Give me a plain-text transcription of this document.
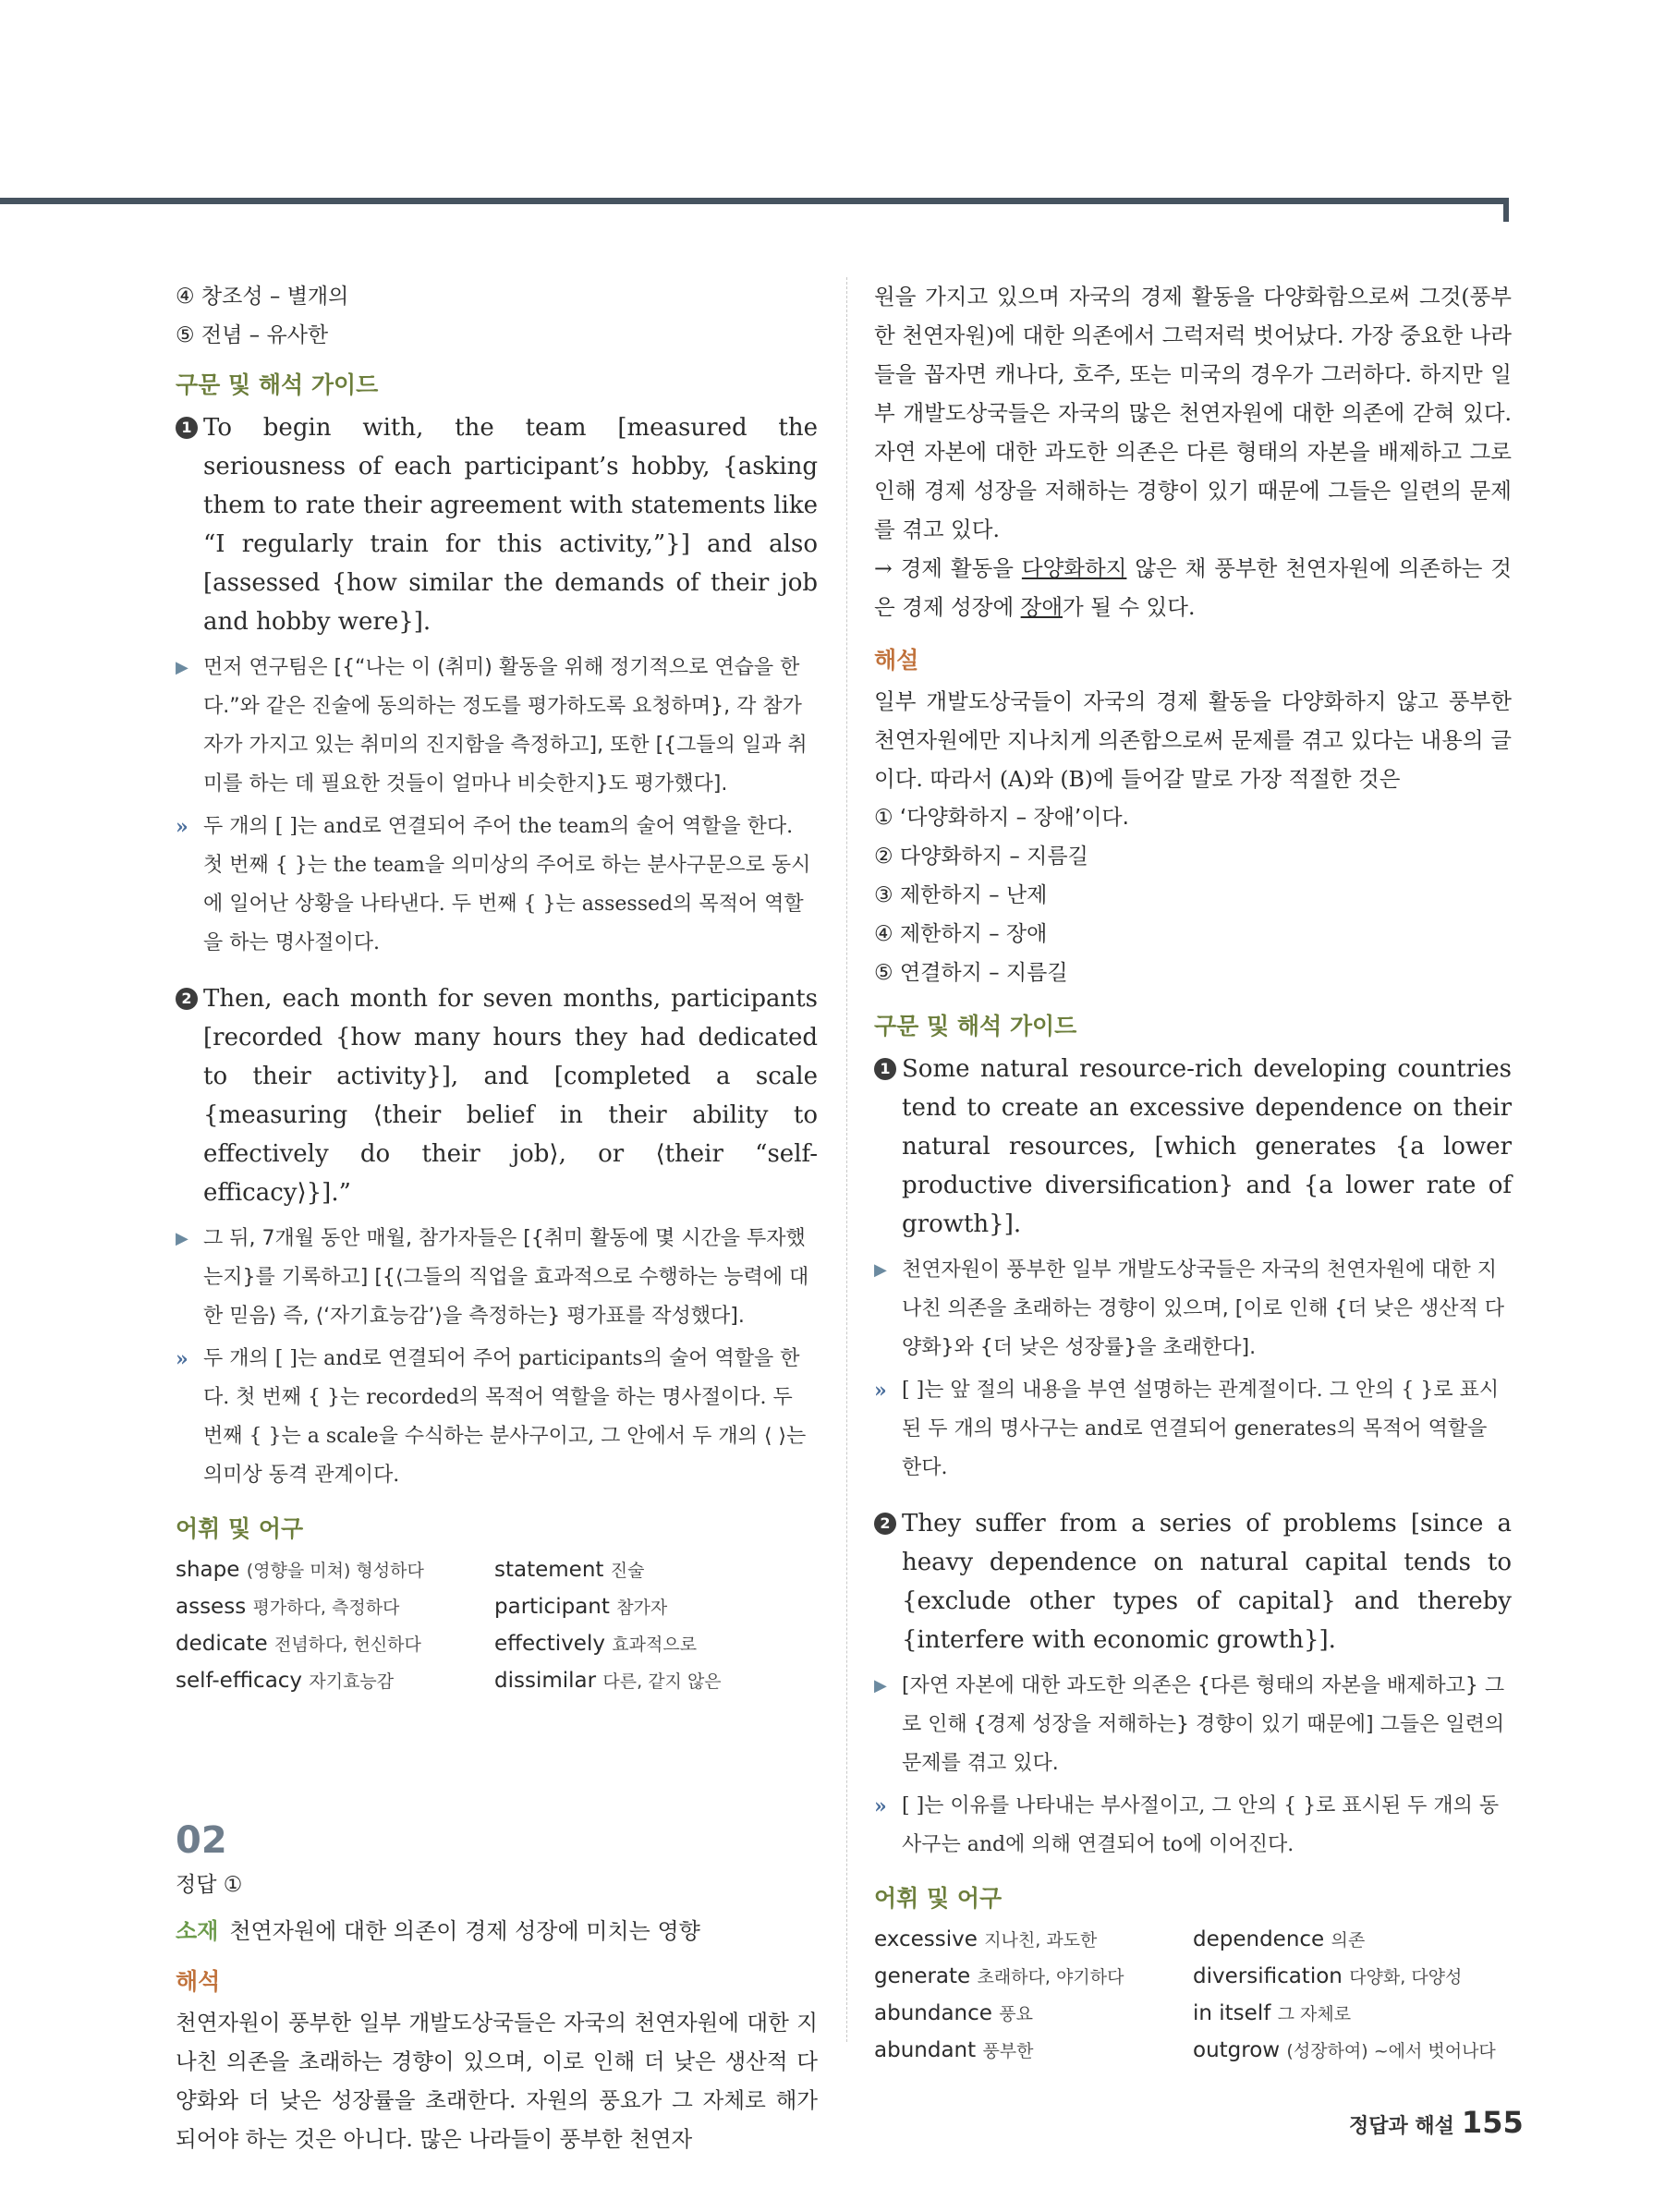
④ 창조성 – 별개의

⑤ 전념 – 유사한

구문 및 해석 가이드
1 To begin with, the team [measured the seriousness of each participant’s hobby, {asking them to rate their agreement with statements like “I regularly train for this activity,”}] and also [assessed {how similar the demands of their job and hobby were}].
▶ 먼저 연구팀은 [{“나는 이 (취미) 활동을 위해 정기적으로 연습을 한다.”와 같은 진술에 동의하는 정도를 평가하도록 요청하며}, 각 참가자가 가지고 있는 취미의 진지함을 측정하고], 또한 [{그들의 일과 취미를 하는 데 필요한 것들이 얼마나 비슷한지}도 평가했다].
» 두 개의 [ ]는 and로 연결되어 주어 the team의 술어 역할을 한다. 첫 번째 { }는 the team을 의미상의 주어로 하는 분사구문으로 동시에 일어난 상황을 나타낸다. 두 번째 { }는 assessed의 목적어 역할을 하는 명사절이다.
2 Then, each month for seven months, participants [recorded {how many hours they had dedicated to their activity}], and [completed a scale {measuring ⟨their belief in their ability to effectively do their job⟩, or ⟨their “self-efficacy⟩}].”
▶ 그 뒤, 7개월 동안 매월, 참가자들은 [{취미 활동에 몇 시간을 투자했는지}를 기록하고] [{⟨그들의 직업을 효과적으로 수행하는 능력에 대한 믿음⟩ 즉, ⟨‘자기효능감’⟩을 측정하는} 평가표를 작성했다].
» 두 개의 [ ]는 and로 연결되어 주어 participants의 술어 역할을 한다. 첫 번째 { }는 recorded의 목적어 역할을 하는 명사절이다. 두 번째 { }는 a scale을 수식하는 분사구이고, 그 안에서 두 개의 ⟨ ⟩는 의미상 동격 관계이다.
어휘 및 어구
shape (영향을 미쳐) 형성하다	statement 진술
assess 평가하다, 측정하다	participant 참가자
dedicate 전념하다, 헌신하다	effectively 효과적으로
self-efficacy 자기효능감	dissimilar 다른, 같지 않은
02
정답 ①
소재 천연자원에 대한 의존이 경제 성장에 미치는 영향
해석

천연자원이 풍부한 일부 개발도상국들은 자국의 천연자원에 대한 지나친 의존을 초래하는 경향이 있으며, 이로 인해 더 낮은 생산적 다양화와 더 낮은 성장률을 초래한다. 자원의 풍요가 그 자체로 해가 되어야 하는 것은 아니다. 많은 나라들이 풍부한 천연자

원을 가지고 있으며 자국의 경제 활동을 다양화함으로써 그것(풍부한 천연자원)에 대한 의존에서 그럭저럭 벗어났다. 가장 중요한 나라들을 꼽자면 캐나다, 호주, 또는 미국의 경우가 그러하다. 하지만 일부 개발도상국들은 자국의 많은 천연자원에 대한 의존에 갇혀 있다. 자연 자본에 대한 과도한 의존은 다른 형태의 자본을 배제하고 그로 인해 경제 성장을 저해하는 경향이 있기 때문에 그들은 일련의 문제를 겪고 있다.

→ 경제 활동을 다양화하지 않은 채 풍부한 천연자원에 의존하는 것은 경제 성장에 장애가 될 수 있다.

해설

일부 개발도상국들이 자국의 경제 활동을 다양화하지 않고 풍부한 천연자원에만 지나치게 의존함으로써 문제를 겪고 있다는 내용의 글이다. 따라서 (A)와 (B)에 들어갈 말로 가장 적절한 것은

① ‘다양화하지 – 장애’이다.

② 다양화하지 – 지름길

③ 제한하지 – 난제

④ 제한하지 – 장애

⑤ 연결하지 – 지름길

구문 및 해석 가이드
1 Some natural resource-rich developing countries tend to create an excessive dependence on their natural resources, [which generates {a lower productive diversification} and {a lower rate of growth}].
▶ 천연자원이 풍부한 일부 개발도상국들은 자국의 천연자원에 대한 지나친 의존을 초래하는 경향이 있으며, [이로 인해 {더 낮은 생산적 다양화}와 {더 낮은 성장률}을 초래한다].
» [ ]는 앞 절의 내용을 부연 설명하는 관계절이다. 그 안의 { }로 표시된 두 개의 명사구는 and로 연결되어 generates의 목적어 역할을 한다.
2 They suffer from a series of problems [since a heavy dependence on natural capital tends to {exclude other types of capital} and thereby {interfere with economic growth}].
▶ [자연 자본에 대한 과도한 의존은 {다른 형태의 자본을 배제하고} 그로 인해 {경제 성장을 저해하는} 경향이 있기 때문에] 그들은 일련의 문제를 겪고 있다.
» [ ]는 이유를 나타내는 부사절이고, 그 안의 { }로 표시된 두 개의 동사구는 and에 의해 연결되어 to에 이어진다.
어휘 및 어구
excessive 지나친, 과도한	dependence 의존
generate 초래하다, 야기하다	diversification 다양화, 다양성
abundance 풍요	in itself 그 자체로
abundant 풍부한	outgrow (성장하여) ~에서 벗어나다
정답과 해설 155
